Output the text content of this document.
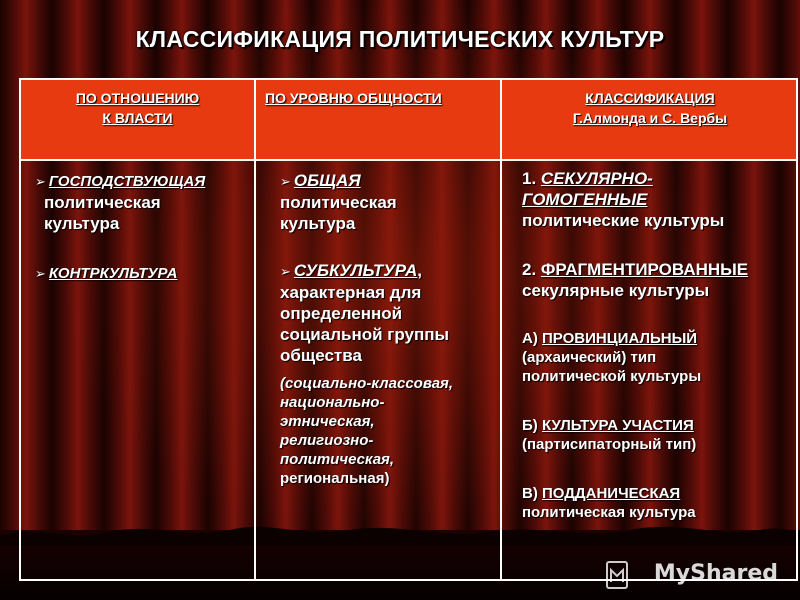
КЛАССИФИКАЦИЯ ПОЛИТИЧЕСКИХ КУЛЬТУР
ПО ОТНОШЕНИЮ
К ВЛАСТИ
ПО УРОВНЮ ОБЩНОСТИ	КЛАССИФИКАЦИЯ
Г.Алмонда и С. Вербы
➢ ГОСПОДСТВУЮЩАЯ
политическая
культура
➢ КОНТРКУЛЬТУРА
➢ ОБЩАЯ
политическая
культура
➢ СУБКУЛЬТУРА,
характерная для
определенной
социальной группы
общества
(социально-классовая,
национально-
этническая,
религиозно-
политическая,
региональная)
1. СЕКУЛЯРНО-
ГОМОГЕННЫЕ
политические культуры
2. ФРАГМЕНТИРОВАННЫЕ
секулярные культуры
А) ПРОВИНЦИАЛЬНЫЙ
(архаический) тип
политической культуры
Б) КУЛЬТУРА УЧАСТИЯ
(партисипаторный тип)
В) ПОДДАНИЧЕСКАЯ
политическая культура
MyShared
